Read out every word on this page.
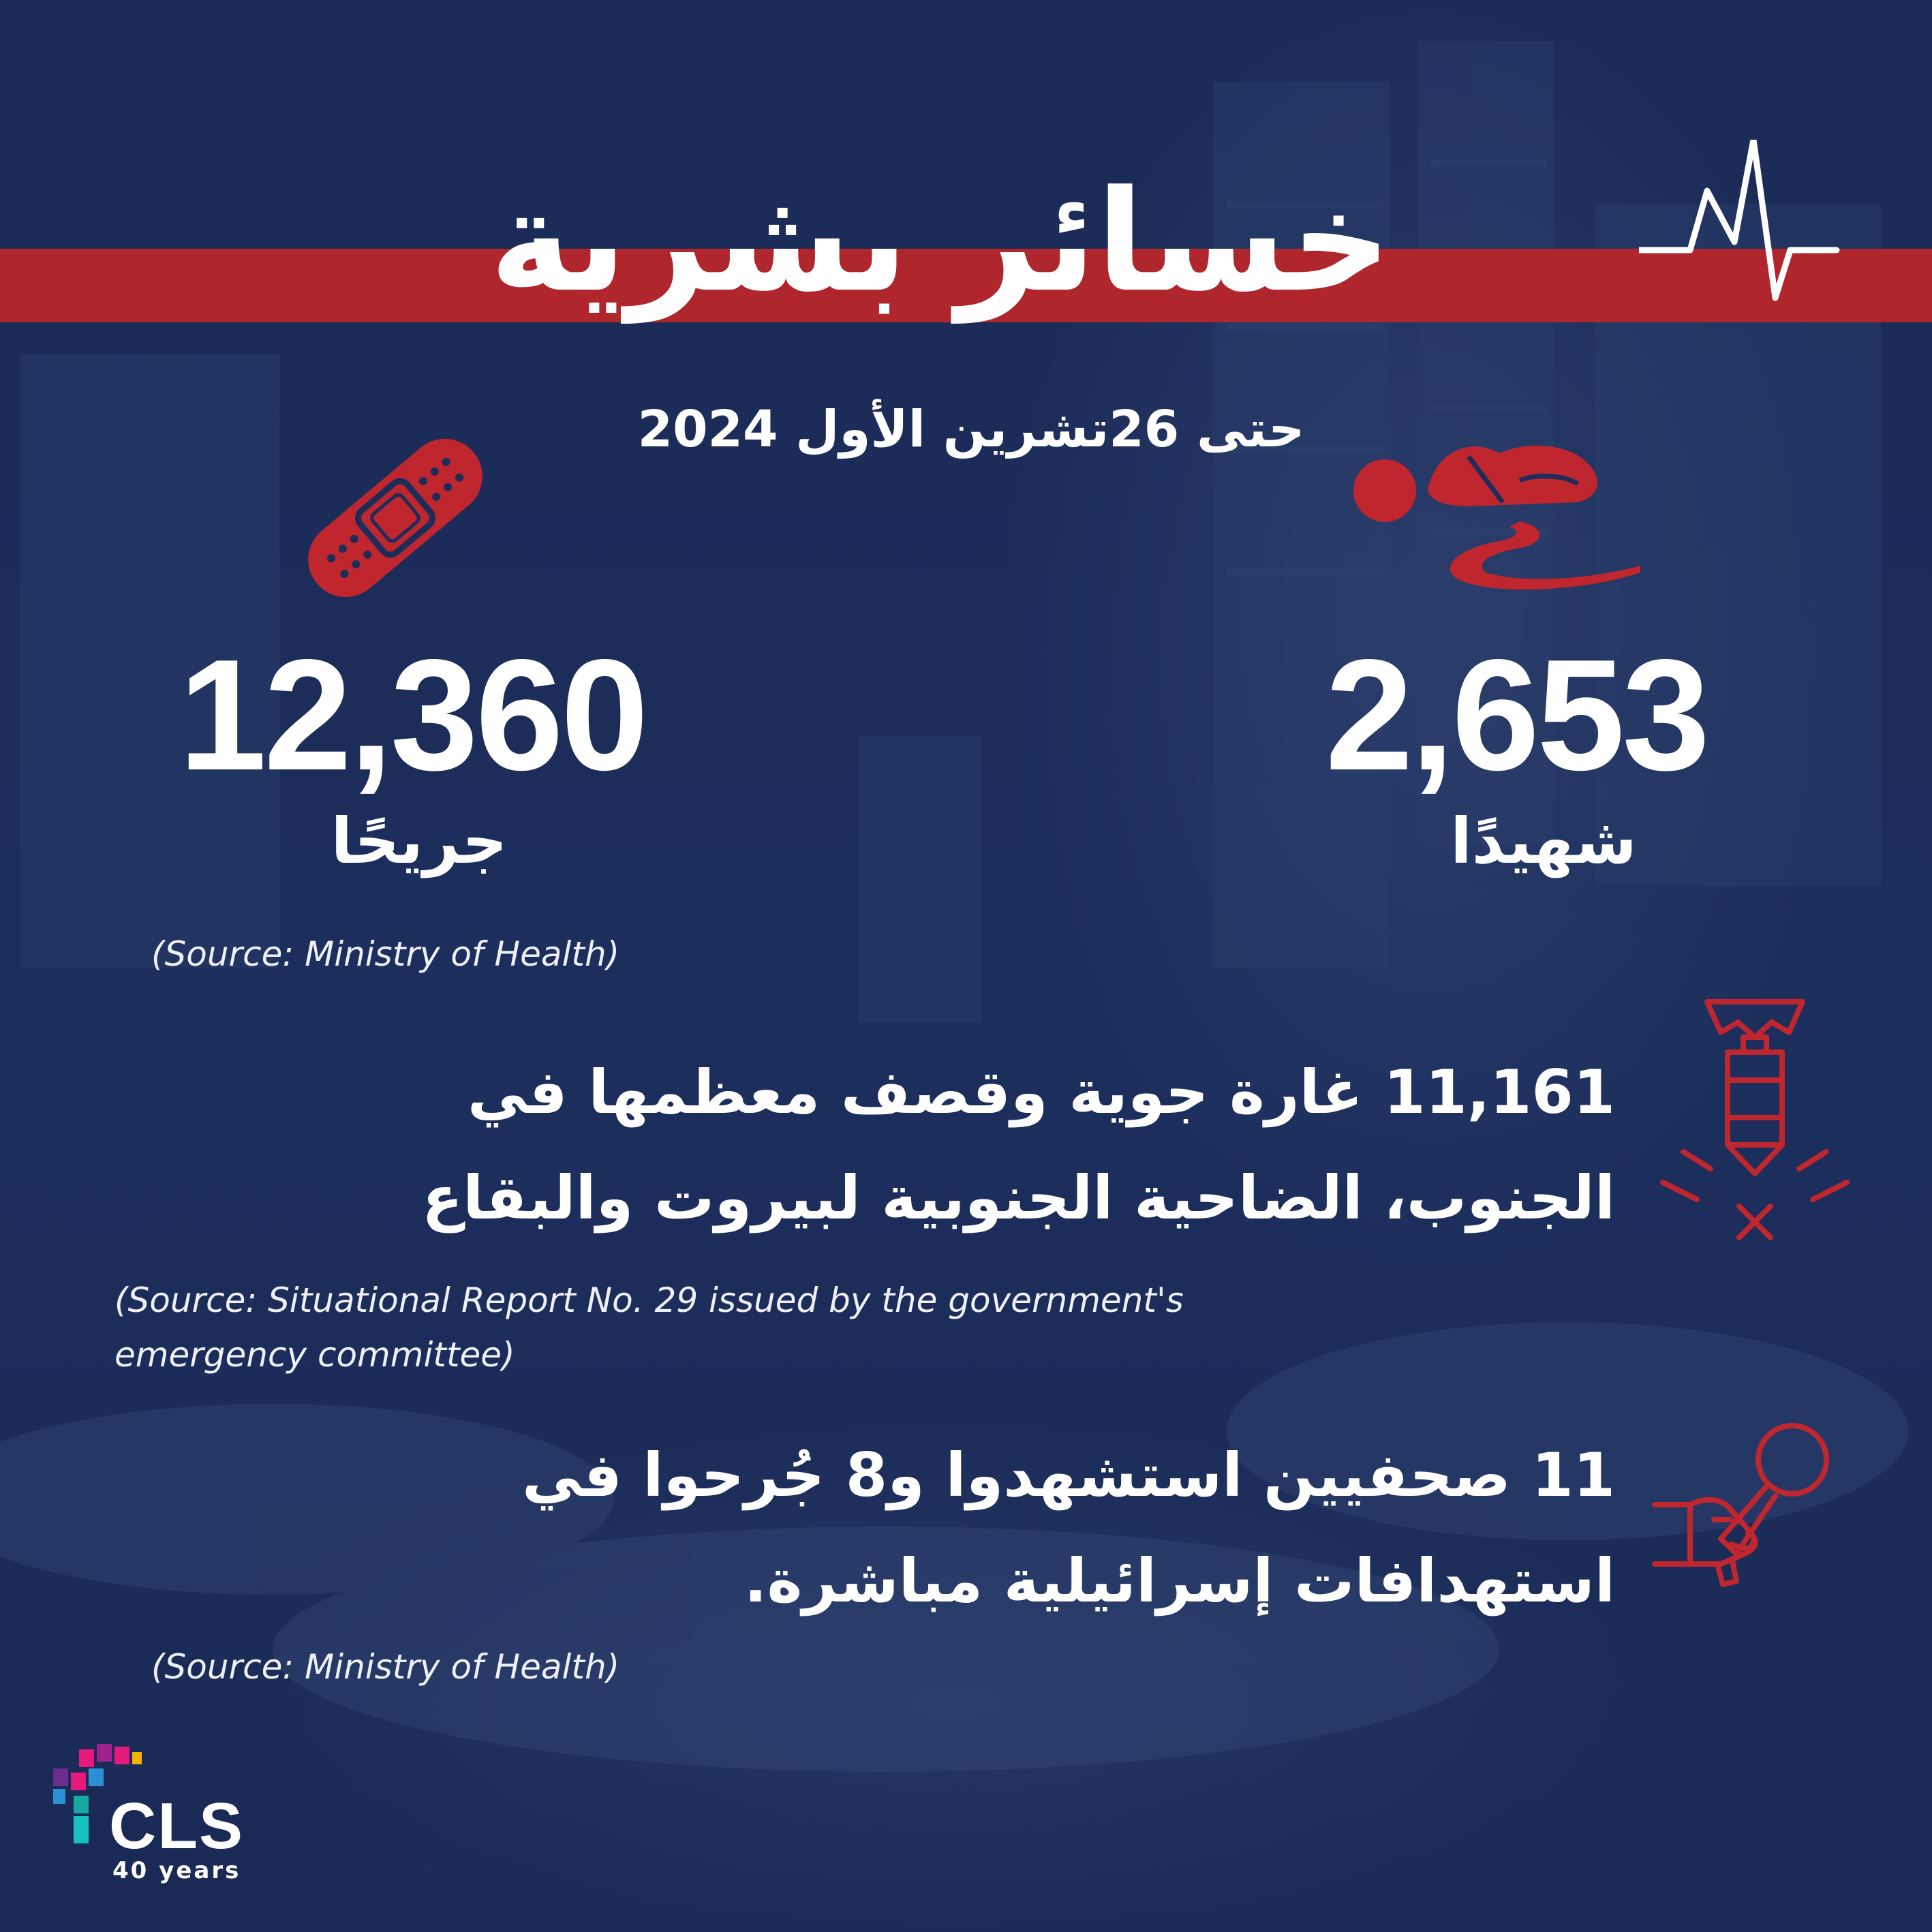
خسائر بشرية
حتى 26تشرين الأول 2024
2,653
12,360
شهيدًا
جريحًا
(Source: Ministry of Health)
11,161 غارة جوية وقصف معظمها في
الجنوب، الضاحية الجنوبية لبيروت والبقاع
(Source: Situational Report No. 29 issued by the government's
emergency committee)
11 صحفيين استشهدوا و8 جُرحوا في
استهدافات إسرائيلية مباشرة.
(Source: Ministry of Health)
CLS
40 years
